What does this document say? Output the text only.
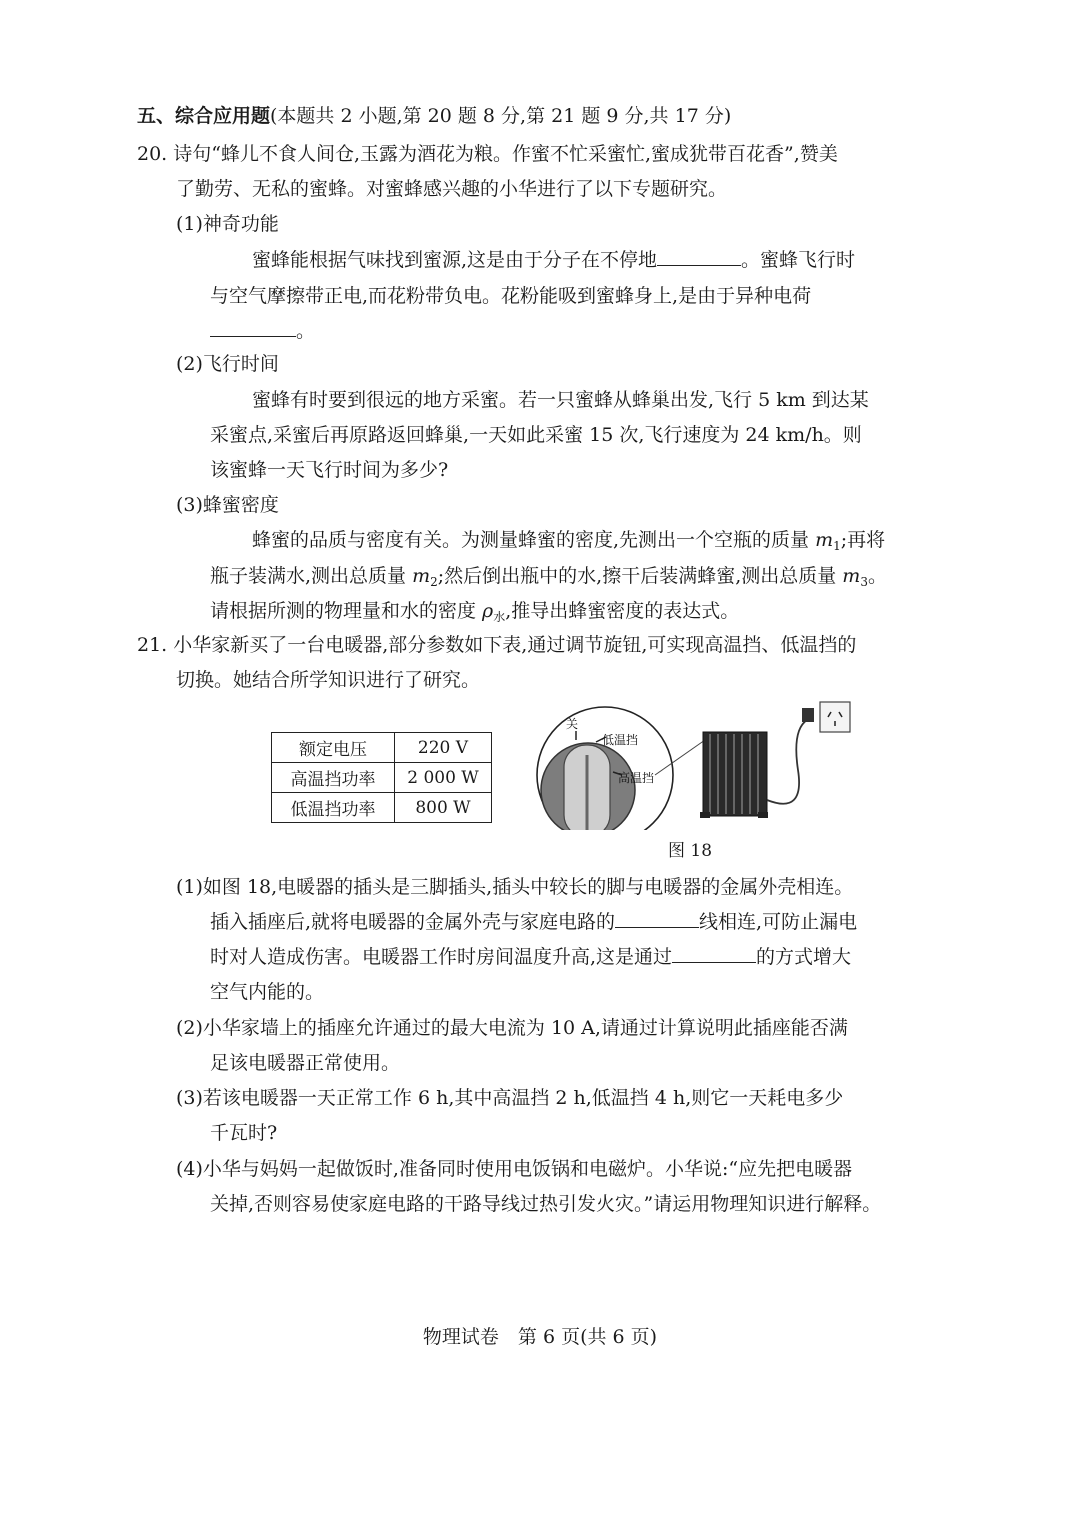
五、综合应用题(本题共 2 小题,第 20 题 8 分,第 21 题 9 分,共 17 分)
20. 诗句“蜂儿不食人间仓,玉露为酒花为粮。作蜜不忙采蜜忙,蜜成犹带百花香”,赞美
了勤劳、无私的蜜蜂。对蜜蜂感兴趣的小华进行了以下专题研究。
(1)神奇功能
蜜蜂能根据气味找到蜜源,这是由于分子在不停地	。蜜蜂飞行时
与空气摩擦带正电,而花粉带负电。花粉能吸到蜜蜂身上,是由于异种电荷
。
(2)飞行时间
蜜蜂有时要到很远的地方采蜜。若一只蜜蜂从蜂巢出发,飞行 5 km 到达某
采蜜点,采蜜后再原路返回蜂巢,一天如此采蜜 15 次,飞行速度为 24 km/h。则
该蜜蜂一天飞行时间为多少?
(3)蜂蜜密度
蜂蜜的品质与密度有关。为测量蜂蜜的密度,先测出一个空瓶的质量 $m_1$;再将
瓶子装满水,测出总质量 $m_2$;然后倒出瓶中的水,擦干后装满蜂蜜,测出总质量 $m_3$。
请根据所测的物理量和水的密度 $\rho_水$,推导出蜂蜜密度的表达式。
21. 小华家新买了一台电暖器,部分参数如下表,通过调节旋钮,可实现高温挡、低温挡的
切换。她结合所学知识进行了研究。
额定电压	220 V
高温挡功率	2 000 W
低温挡功率	800 W
关
低温挡
高温挡
图 18
(1)如图 18,电暖器的插头是三脚插头,插头中较长的脚与电暖器的金属外壳相连。
插入插座后,就将电暖器的金属外壳与家庭电路的	线相连,可防止漏电
时对人造成伤害。电暖器工作时房间温度升高,这是通过	的方式增大
空气内能的。
(2)小华家墙上的插座允许通过的最大电流为 10 A,请通过计算说明此插座能否满
足该电暖器正常使用。
(3)若该电暖器一天正常工作 6 h,其中高温挡 2 h,低温挡 4 h,则它一天耗电多少
千瓦时?
(4)小华与妈妈一起做饭时,准备同时使用电饭锅和电磁炉。小华说:“应先把电暖器
关掉,否则容易使家庭电路的干路导线过热引发火灾。”请运用物理知识进行解释。
物理试卷　第 6 页(共 6 页)
